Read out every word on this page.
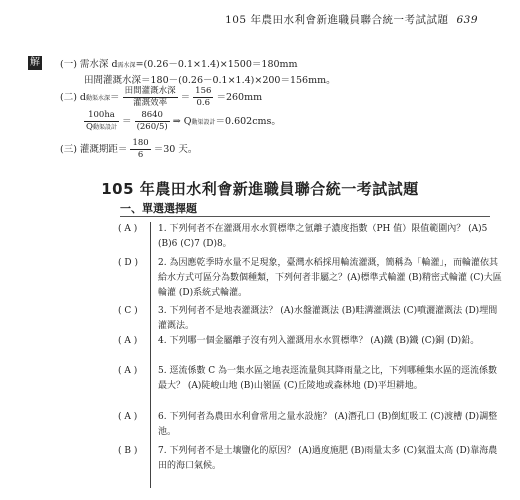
105 年農田水利會新進職員聯合統一考試試題 639
解 (一) 需水深 d需水深=(0.26－0.1×1.4)×1500＝180mm
田間灌溉水深＝180－(0.26－0.1×1.4)×200＝156mm。
(二) d動渠水深＝ $\frac{\text{田間灌溉水深}}{\text{灌溉效率}} = \frac{156}{0.6} =260mm$
$\frac{100ha}{\text{Q動渠設計}} = \frac{8640}{(260/5)}$ ⇒ Q動渠設計＝0.602cms。
(三) 灌溉期距＝ $\frac{180}{6} =30$ 天。
105 年農田水利會新進職員聯合統一考試試題
一、單選選擇題
( A )	1. 下列何者不在灌溉用水水質標準之氫離子濃度指數（PH 值）限值範圍內？ (A)5 (B)6 (C)7 (D)8。
( D )	2. 為因應乾季時水量不足現象，臺灣水稻採用輪流灌溉，簡稱為「輪灌」，而輪灌依其給水方式可區分為數個種類，下列何者非屬之？(A)標準式輪灌 (B)精密式輪灌 (C)大區輪灌 (D)系統式輪灌。
( C )	3. 下列何者不是地表灌溉法？ (A)水盤灌溉法 (B)畦溝灌溉法 (C)噴灑灌溉法 (D)埋間灌溉法。
( A )	4. 下列哪一個金屬離子沒有列入灌溉用水水質標準？ (A)鐵 (B)鐵 (C)銅 (D)鉛。
( A )	5. 逕流係數 C 為一集水區之地表逕流量與其降雨量之比，下列哪種集水區的逕流係數最大？ (A)陡峻山地 (B)山嶺區 (C)丘陵地或森林地 (D)平坦耕地。
( A )	6. 下列何者為農田水利會常用之量水設施？ (A)潛孔口 (B)倒虹吸工 (C)渡槽 (D)調整池。
( B )	7. 下列何者不是土壤鹽化的原因？ (A)過度施肥 (B)雨量太多 (C)氣溫太高 (D)靠海農田的海口氣候。
